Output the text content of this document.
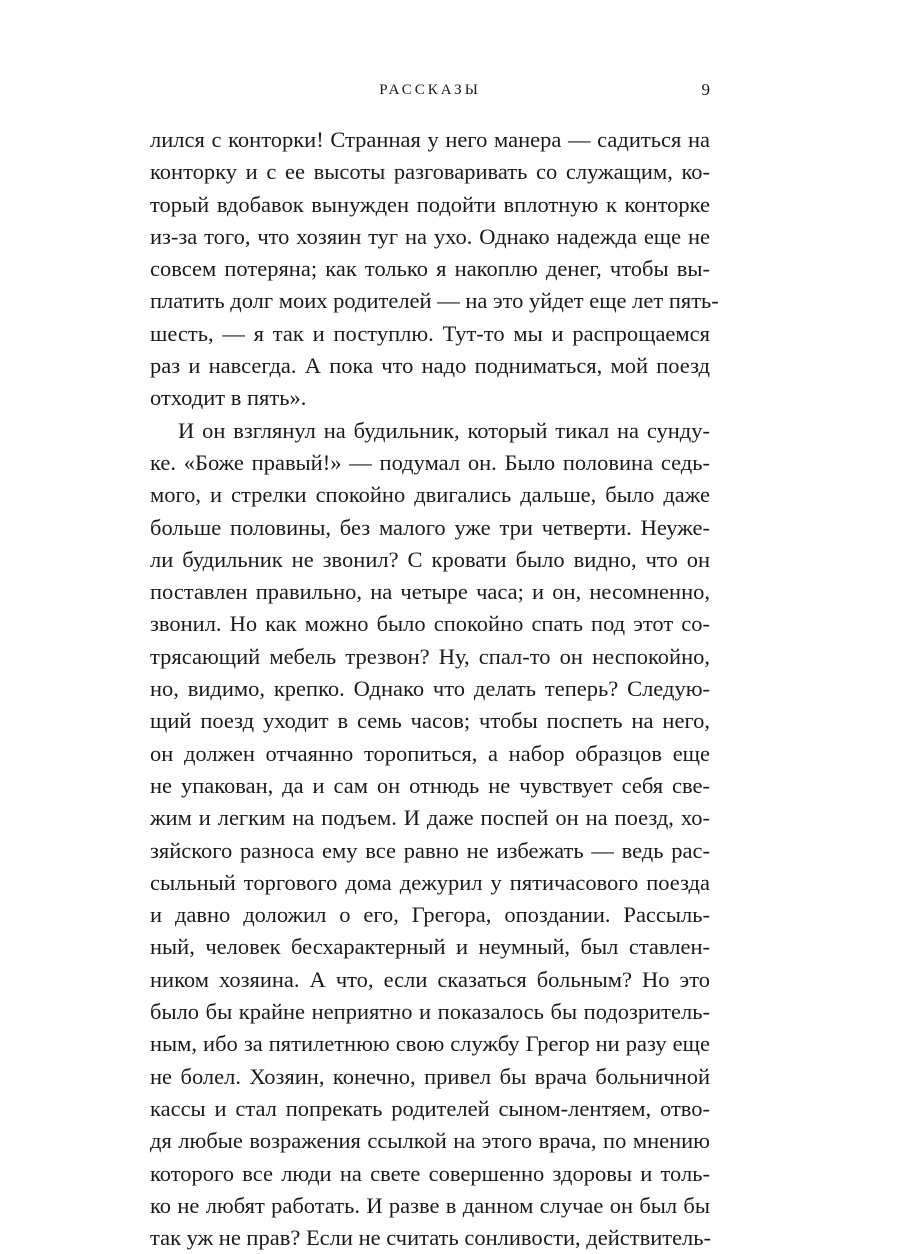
РАССКАЗЫ	9
лился с конторки! Странная у него манера — садиться на
конторку и с ее высоты разговаривать со служащим, ко-
торый вдобавок вынужден подойти вплотную к конторке
из-за того, что хозяин туг на ухо. Однако надежда еще не
совсем потеряна; как только я накоплю денег, чтобы вы-
платить долг моих родителей — на это уйдет еще лет пять-
шесть, — я так и поступлю. Тут-то мы и распрощаемся
раз и навсегда. А пока что надо подниматься, мой поезд
отходит в пять».
И он взглянул на будильник, который тикал на сунду-
ке. «Боже правый!» — подумал он. Было половина седь-
мого, и стрелки спокойно двигались дальше, было даже
больше половины, без малого уже три четверти. Неуже-
ли будильник не звонил? С кровати было видно, что он
поставлен правильно, на четыре часа; и он, несомненно,
звонил. Но как можно было спокойно спать под этот со-
трясающий мебель трезвон? Ну, спал-то он неспокойно,
но, видимо, крепко. Однако что делать теперь? Следую-
щий поезд уходит в семь часов; чтобы поспеть на него,
он должен отчаянно торопиться, а набор образцов еще
не упакован, да и сам он отнюдь не чувствует себя све-
жим и легким на подъем. И даже поспей он на поезд, хо-
зяйского разноса ему все равно не избежать — ведь рас-
сыльный торгового дома дежурил у пятичасового поезда
и давно доложил о его, Грегора, опоздании. Рассыль-
ный, человек бесхарактерный и неумный, был ставлен-
ником хозяина. А что, если сказаться больным? Но это
было бы крайне неприятно и показалось бы подозритель-
ным, ибо за пятилетнюю свою службу Грегор ни разу еще
не болел. Хозяин, конечно, привел бы врача больничной
кассы и стал попрекать родителей сыном-лентяем, отво-
дя любые возражения ссылкой на этого врача, по мнению
которого все люди на свете совершенно здоровы и толь-
ко не любят работать. И разве в данном случае он был бы
так уж не прав? Если не считать сонливости, действитель-
